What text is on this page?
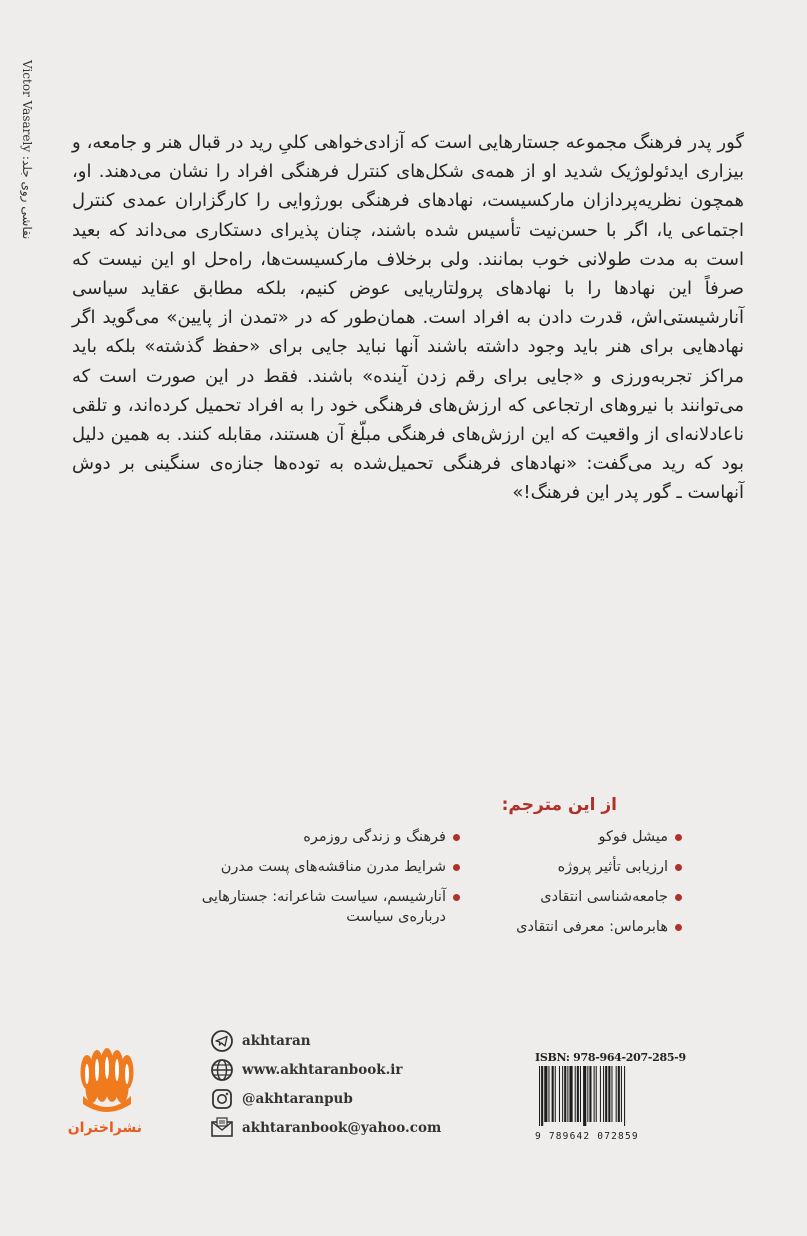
Victor Vasarely :نقاشی روی جلد

گور پدر فرهنگ مجموعه جستارهایی است که آزادی‌خواهی کلیِ رید در قبال هنر و جامعه، و بیزاری ایدئولوژیک شدید او از همه‌ی شکل‌های کنترل فرهنگی افراد را نشان می‌دهند. او، همچون نظریه‌پردازان مارکسیست، نهادهای فرهنگی بورژوایی را کارگزاران عمدی کنترل اجتماعی یا، اگر با حسن‌نیت تأسیس شده باشند، چنان پذیرای دستکاری می‌داند که بعید است به مدت طولانی خوب بمانند. ولی برخلاف مارکسیست‌ها، راه‌حل او این نیست که صرفاً این نهادها را با نهادهای پرولتاریایی عوض کنیم، بلکه مطابق عقاید سیاسی آنارشیستی‌اش، قدرت دادن به افراد است. همان‌طور که در «تمدن از پایین» می‌گوید اگر نهادهایی برای هنر باید وجود داشته باشند آنها نباید جایی برای «حفظ گذشته» بلکه باید مراکز تجربه‌ورزی و «جایی برای رقم زدن آینده» باشند. فقط در این صورت است که می‌توانند با نیروهای ارتجاعی که ارزش‌های فرهنگی خود را به افراد تحمیل کرده‌اند، و تلقی ناعادلانه‌ای از واقعیت که این ارزش‌های فرهنگی مبلّغ آن هستند، مقابله کنند. به همین دلیل بود که رید می‌گفت: «نهادهای فرهنگی تحمیل‌شده به توده‌ها جنازه‌ی سنگینی بر دوش آنهاست ـ گور پدر این فرهنگ!»

از این مترجم:
میشل فوکو
ارزیابی تأثیر پروژه
جامعه‌شناسی انتقادی
هابرماس: معرفی انتقادی
فرهنگ و زندگی روزمره
شرایط مدرن مناقشه‌های پست مدرن
آنارشیسم، سیاست شاعرانه: جستارهایی درباره‌ی سیاست
akhtaran
www.akhtaranbook.ir
@akhtaranpub
akhtaranbook@yahoo.com
نشراختران
ISBN: 978-964-207-285-9
9 789642 072859
